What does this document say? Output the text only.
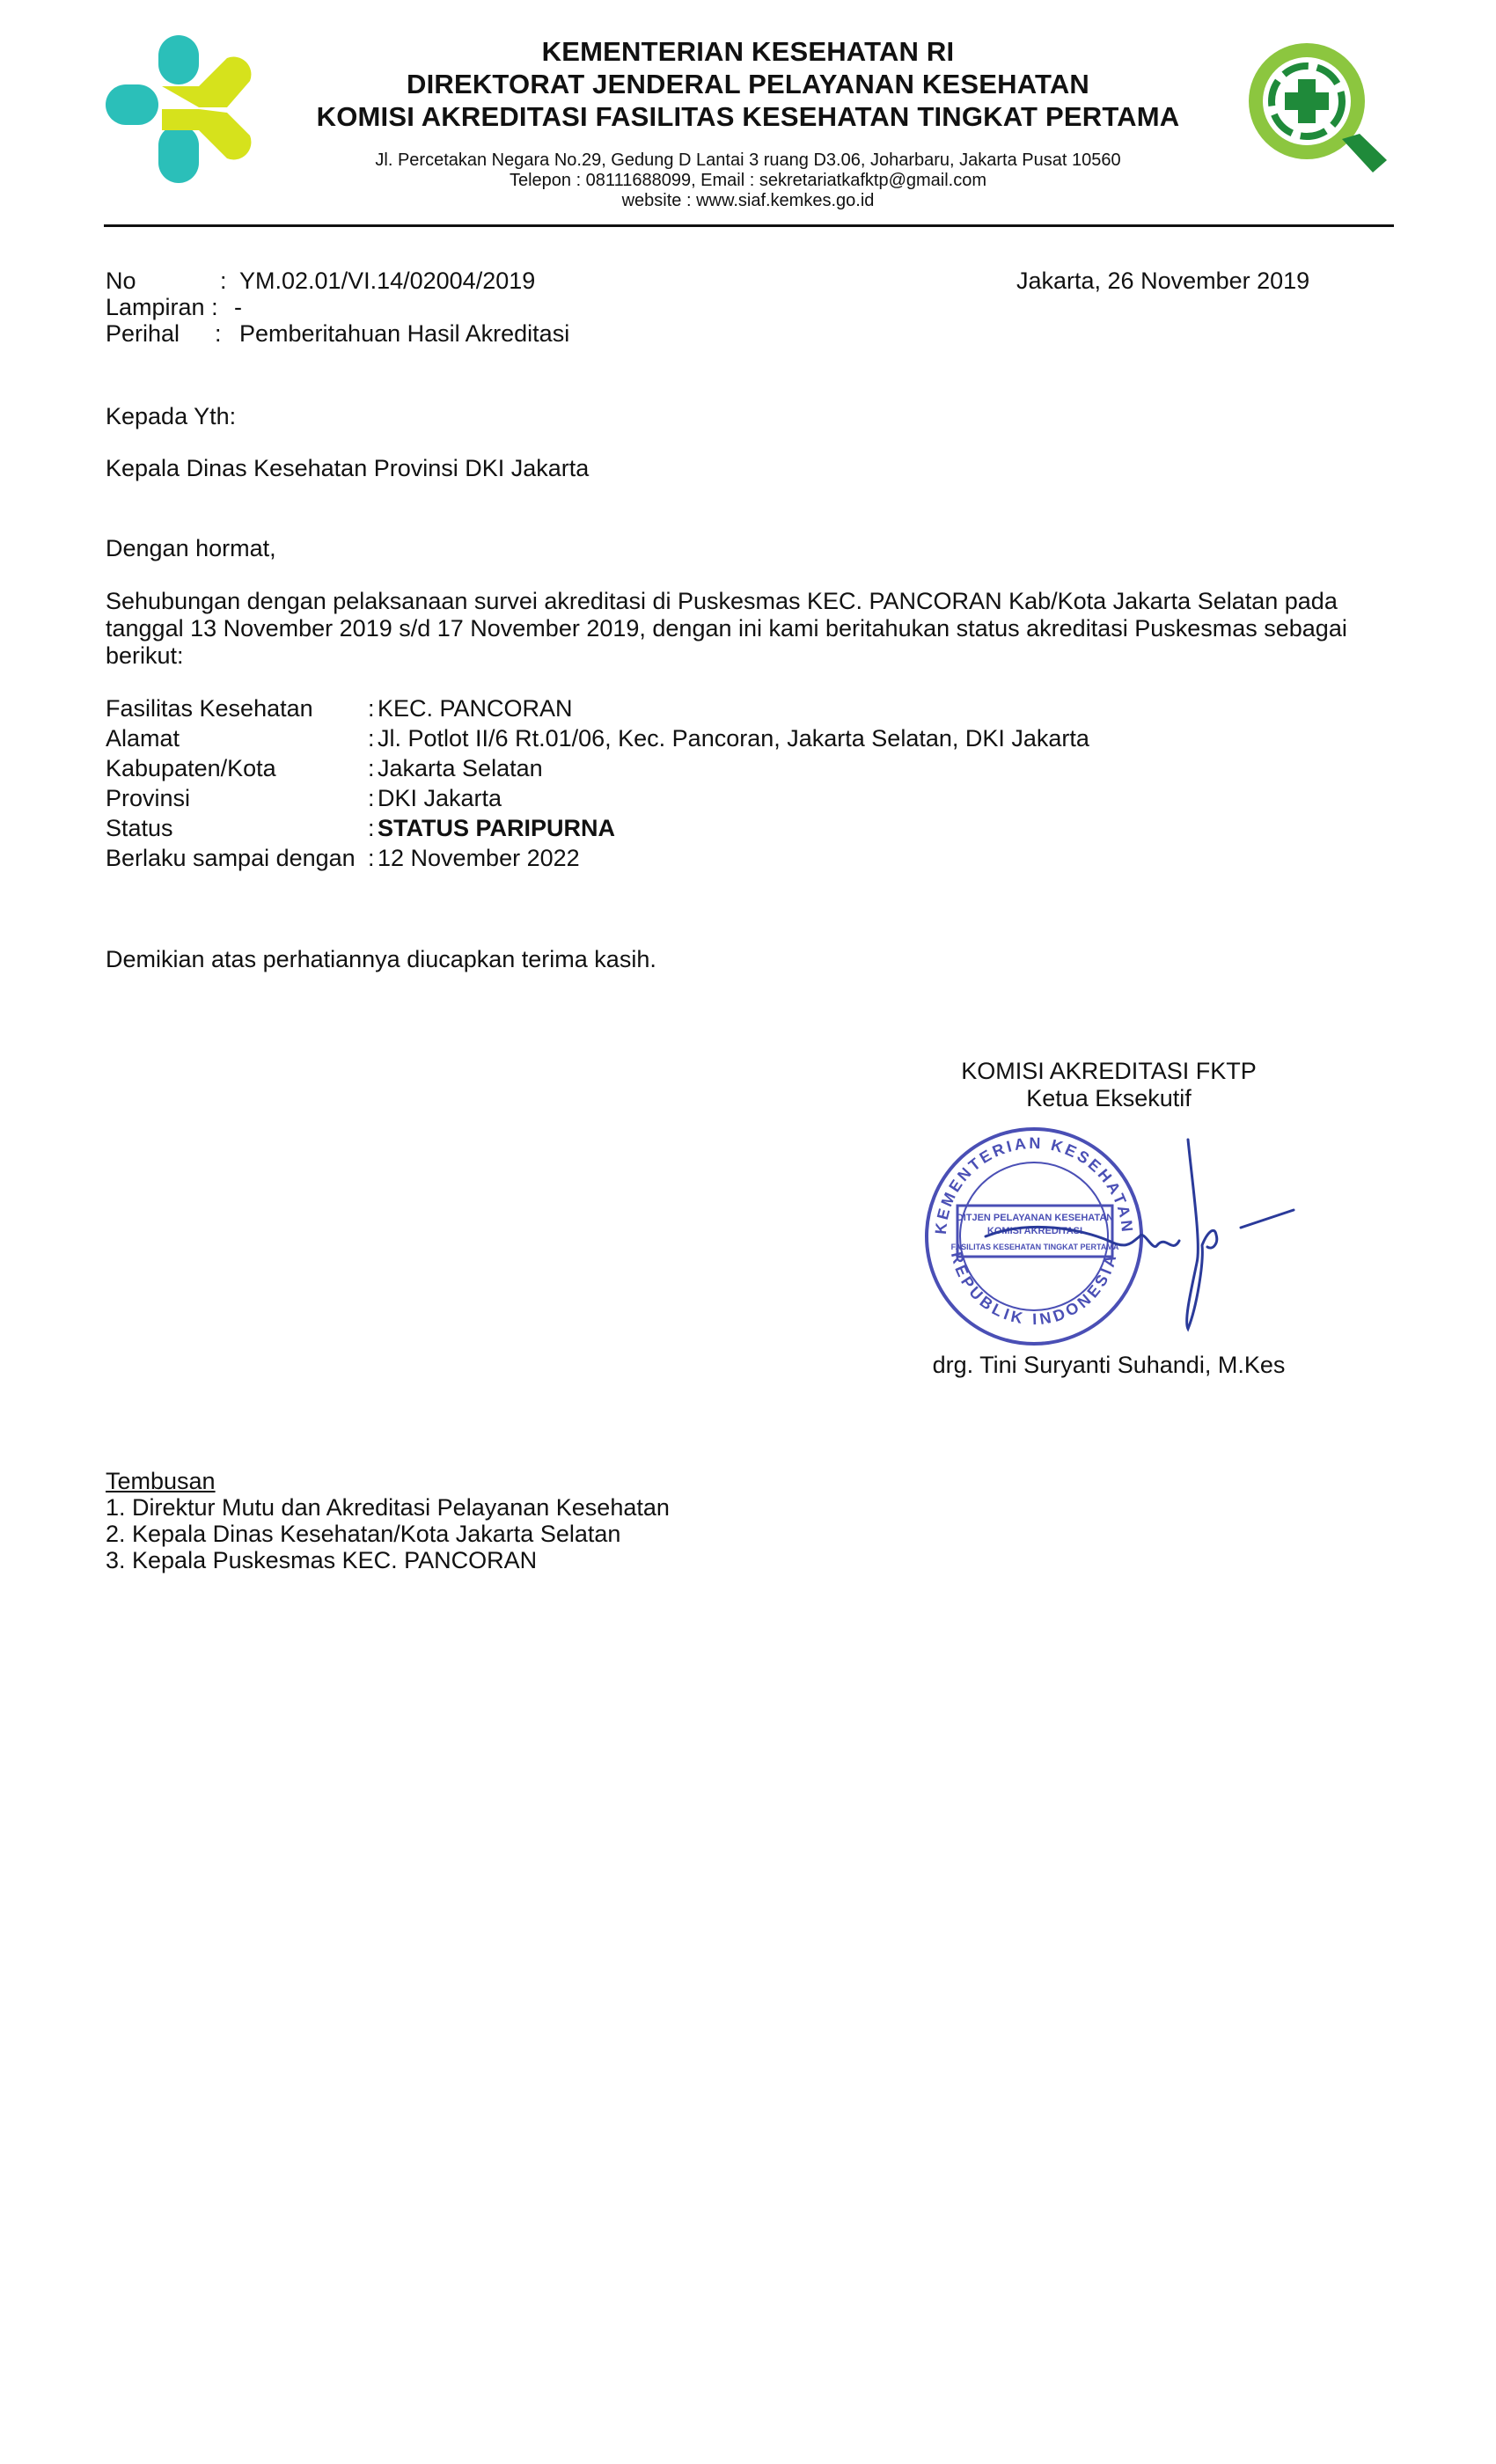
KEMENTERIAN KESEHATAN RI
DIREKTORAT JENDERAL PELAYANAN KESEHATAN
KOMISI AKREDITASI FASILITAS KESEHATAN TINGKAT PERTAMA
Jl. Percetakan Negara No.29, Gedung D Lantai 3 ruang D3.06, Joharbaru, Jakarta Pusat 10560
Telepon : 08111688099, Email : sekretariatkafktp@gmail.com
website : www.siaf.kemkes.go.id
No	: YM.02.01/VI.14/02004/2019	Jakarta, 26 November 2019
Lampiran : -
Perihal : Pemberitahuan Hasil Akreditasi
Kepada Yth:
Kepala Dinas Kesehatan Provinsi DKI Jakarta
Dengan hormat,
Sehubungan dengan pelaksanaan survei akreditasi di Puskesmas KEC. PANCORAN Kab/Kota Jakarta Selatan pada
tanggal 13 November 2019 s/d 17 November 2019, dengan ini kami beritahukan status akreditasi Puskesmas sebagai
berikut:
Fasilitas Kesehatan : KEC. PANCORAN
Alamat	: Jl. Potlot II/6 Rt.01/06, Kec. Pancoran, Jakarta Selatan, DKI Jakarta
Kabupaten/Kota	: Jakarta Selatan
Provinsi	: DKI Jakarta
Status	: STATUS PARIPURNA
Berlaku sampai dengan : 12 November 2022
Demikian atas perhatiannya diucapkan terima kasih.
KOMISI AKREDITASI FKTP
Ketua Eksekutif
KEMENTERIAN KESEHATAN
REPUBLIK INDONESIA
DITJEN PELAYANAN KESEHATAN
KOMISI AKREDITASI
FASILITAS KESEHATAN TINGKAT PERTAMA
drg. Tini Suryanti Suhandi, M.Kes
Tembusan
1. Direktur Mutu dan Akreditasi Pelayanan Kesehatan
2. Kepala Dinas Kesehatan/Kota Jakarta Selatan
3. Kepala Puskesmas KEC. PANCORAN
